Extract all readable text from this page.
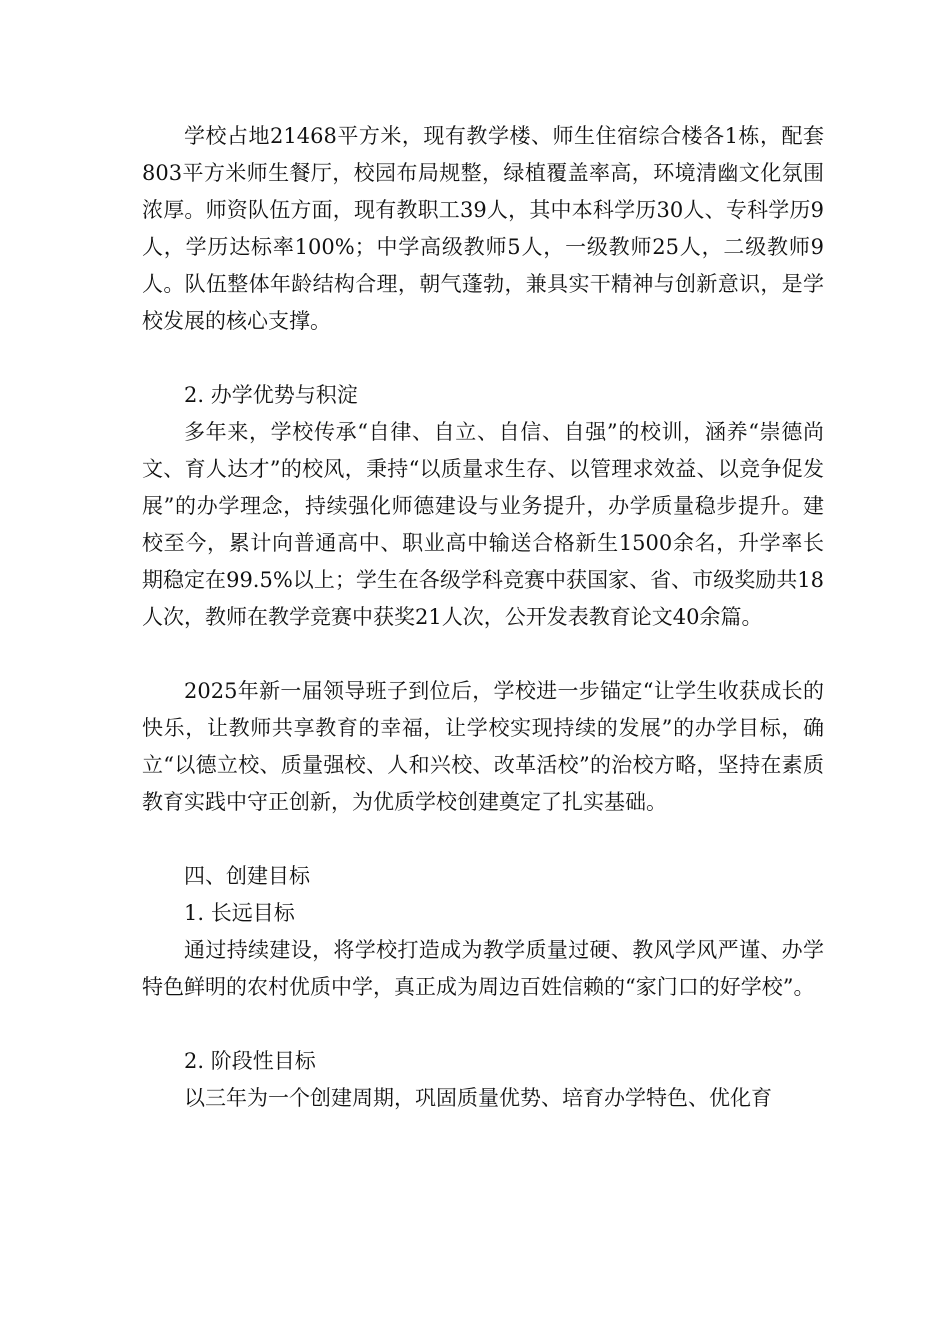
学校占地21468平方米，现有教学楼、师生住宿综合楼各1栋，配套803平方米师生餐厅，校园布局规整，绿植覆盖率高，环境清幽文化氛围浓厚。师资队伍方面，现有教职工39人，其中本科学历30人、专科学历9人，学历达标率100%；中学高级教师5人，一级教师25人，二级教师9人。队伍整体年龄结构合理，朝气蓬勃，兼具实干精神与创新意识，是学校发展的核心支撑。

2. 办学优势与积淀

多年来，学校传承“自律、自立、自信、自强”的校训，涵养“崇德尚文、育人达才”的校风，秉持“以质量求生存、以管理求效益、以竞争促发展”的办学理念，持续强化师德建设与业务提升，办学质量稳步提升。建校至今，累计向普通高中、职业高中输送合格新生1500余名，升学率长期稳定在99.5%以上；学生在各级学科竞赛中获国家、省、市级奖励共18人次，教师在教学竞赛中获奖21人次，公开发表教育论文40余篇。

2025年新一届领导班子到位后，学校进一步锚定“让学生收获成长的快乐，让教师共享教育的幸福，让学校实现持续的发展”的办学目标，确立“以德立校、质量强校、人和兴校、改革活校”的治校方略，坚持在素质教育实践中守正创新，为优质学校创建奠定了扎实基础。

四、创建目标

1. 长远目标

通过持续建设，将学校打造成为教学质量过硬、教风学风严谨、办学特色鲜明的农村优质中学，真正成为周边百姓信赖的“家门口的好学校”。

2. 阶段性目标

以三年为一个创建周期，巩固质量优势、培育办学特色、优化育
